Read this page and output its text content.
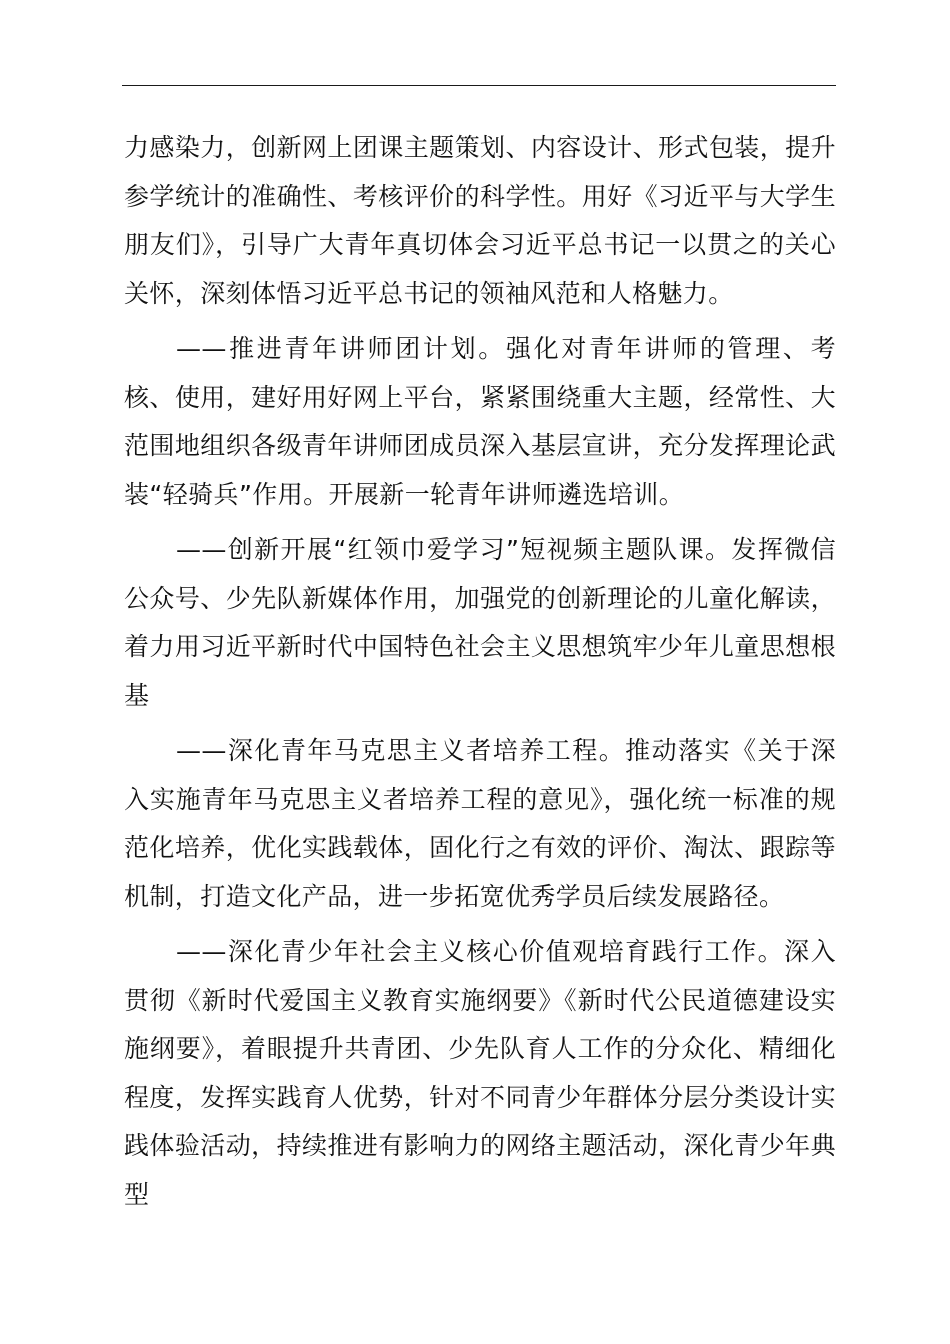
力感染力，创新网上团课主题策划、内容设计、形式包装，提升参学统计的准确性、考核评价的科学性。用好《习近平与大学生朋友们》，引导广大青年真切体会习近平总书记一以贯之的关心关怀，深刻体悟习近平总书记的领袖风范和人格魅力。

——推进青年讲师团计划。强化对青年讲师的管理、考核、使用，建好用好网上平台，紧紧围绕重大主题，经常性、大范围地组织各级青年讲师团成员深入基层宣讲，充分发挥理论武装“轻骑兵”作用。开展新一轮青年讲师遴选培训。

——创新开展“红领巾爱学习”短视频主题队课。发挥微信公众号、少先队新媒体作用，加强党的创新理论的儿童化解读，着力用习近平新时代中国特色社会主义思想筑牢少年儿童思想根基

——深化青年马克思主义者培养工程。推动落实《关于深入实施青年马克思主义者培养工程的意见》，强化统一标准的规范化培养，优化实践载体，固化行之有效的评价、淘汰、跟踪等机制，打造文化产品，进一步拓宽优秀学员后续发展路径。

——深化青少年社会主义核心价值观培育践行工作。深入贯彻《新时代爱国主义教育实施纲要》《新时代公民道德建设实施纲要》，着眼提升共青团、少先队育人工作的分众化、精细化程度，发挥实践育人优势，针对不同青少年群体分层分类设计实践体验活动，持续推进有影响力的网络主题活动，深化青少年典型
